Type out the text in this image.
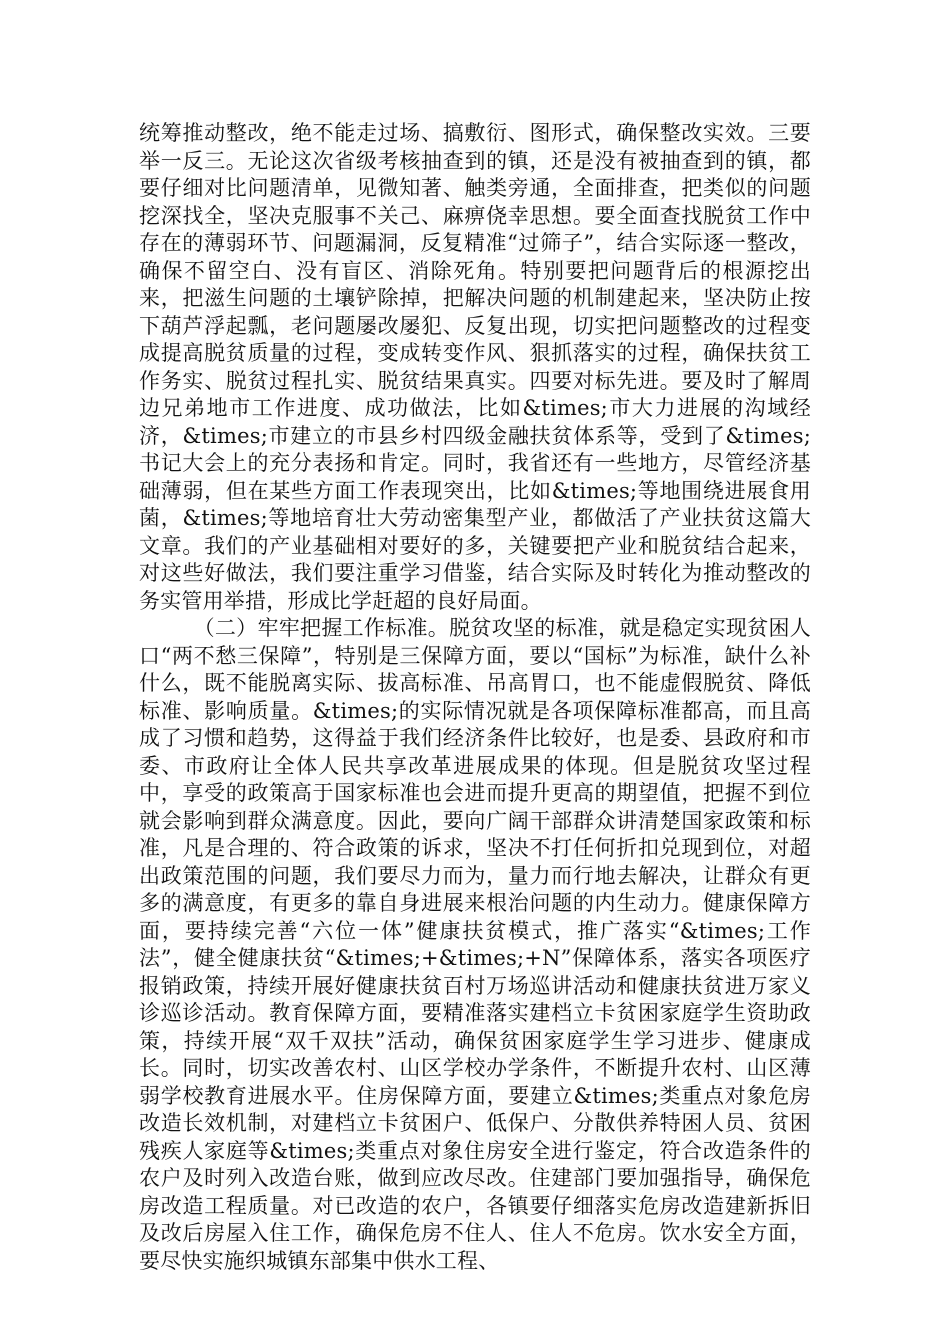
统筹推动整改，绝不能走过场、搞敷衍、图形式，确保整改实效。三要举一反三。无论这次省级考核抽查到的镇，还是没有被抽查到的镇，都要仔细对比问题清单，见微知著、触类旁通，全面排查，把类似的问题挖深找全，坚决克服事不关己、麻痹侥幸思想。要全面查找脱贫工作中存在的薄弱环节、问题漏洞，反复精准“过筛子”，结合实际逐一整改，确保不留空白、没有盲区、消除死角。特别要把问题背后的根源挖出来，把滋生问题的土壤铲除掉，把解决问题的机制建起来，坚决防止按下葫芦浮起瓢，老问题屡改屡犯、反复出现，切实把问题整改的过程变成提高脱贫质量的过程，变成转变作风、狠抓落实的过程，确保扶贫工作务实、脱贫过程扎实、脱贫结果真实。四要对标先进。要及时了解周边兄弟地市工作进度、成功做法，比如&times;市大力进展的沟域经济，&times;市建立的市县乡村四级金融扶贫体系等，受到了&times;书记大会上的充分表扬和肯定。同时，我省还有一些地方，尽管经济基础薄弱，但在某些方面工作表现突出，比如&times;等地围绕进展食用菌，&times;等地培育壮大劳动密集型产业，都做活了产业扶贫这篇大文章。我们的产业基础相对要好的多，关键要把产业和脱贫结合起来，对这些好做法，我们要注重学习借鉴，结合实际及时转化为推动整改的务实管用举措，形成比学赶超的良好局面。

（二）牢牢把握工作标准。脱贫攻坚的标准，就是稳定实现贫困人口“两不愁三保障”，特别是三保障方面，要以“国标”为标准，缺什么补什么，既不能脱离实际、拔高标准、吊高胃口，也不能虚假脱贫、降低标准、影响质量。&times;的实际情况就是各项保障标准都高，而且高成了习惯和趋势，这得益于我们经济条件比较好，也是委、县政府和市委、市政府让全体人民共享改革进展成果的体现。但是脱贫攻坚过程中，享受的政策高于国家标准也会进而提升更高的期望值，把握不到位就会影响到群众满意度。因此，要向广阔干部群众讲清楚国家政策和标准，凡是合理的、符合政策的诉求，坚决不打任何折扣兑现到位，对超出政策范围的问题，我们要尽力而为，量力而行地去解决，让群众有更多的满意度，有更多的靠自身进展来根治问题的内生动力。健康保障方面，要持续完善“六位一体”健康扶贫模式，推广落实“&times;工作法”，健全健康扶贫“&times;+&times;+N”保障体系，落实各项医疗报销政策，持续开展好健康扶贫百村万场巡讲活动和健康扶贫进万家义诊巡诊活动。教育保障方面，要精准落实建档立卡贫困家庭学生资助政策，持续开展“双千双扶”活动，确保贫困家庭学生学习进步、健康成长。同时，切实改善农村、山区学校办学条件，不断提升农村、山区薄弱学校教育进展水平。住房保障方面，要建立&times;类重点对象危房改造长效机制，对建档立卡贫困户、低保户、分散供养特困人员、贫困残疾人家庭等&times;类重点对象住房安全进行鉴定，符合改造条件的农户及时列入改造台账，做到应改尽改。住建部门要加强指导，确保危房改造工程质量。对已改造的农户，各镇要仔细落实危房改造建新拆旧及改后房屋入住工作，确保危房不住人、住人不危房。饮水安全方面，要尽快实施织城镇东部集中供水工程、
